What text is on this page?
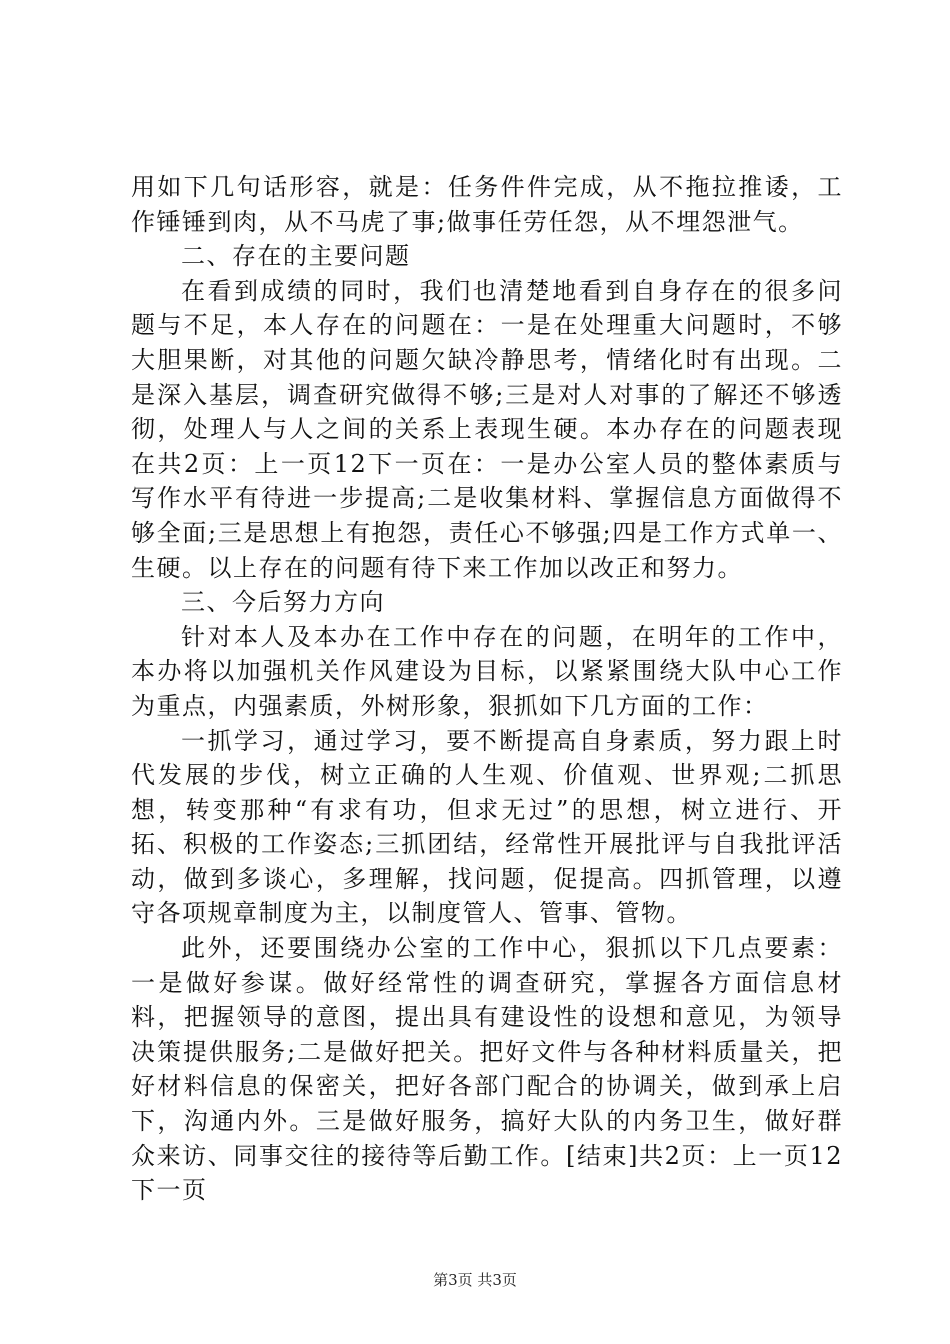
用如下几句话形容，就是：任务件件完成，从不拖拉推诿，工作锤锤到肉，从不马虎了事;做事任劳任怨，从不埋怨泄气。

二、存在的主要问题

在看到成绩的同时，我们也清楚地看到自身存在的很多问题与不足，本人存在的问题在：一是在处理重大问题时，不够大胆果断，对其他的问题欠缺冷静思考，情绪化时有出现。二是深入基层，调查研究做得不够;三是对人对事的了解还不够透彻，处理人与人之间的关系上表现生硬。本办存在的问题表现在共2页：上一页12下一页在：一是办公室人员的整体素质与写作水平有待进一步提高;二是收集材料、掌握信息方面做得不够全面;三是思想上有抱怨，责任心不够强;四是工作方式单一、生硬。以上存在的问题有待下来工作加以改正和努力。

三、今后努力方向

针对本人及本办在工作中存在的问题，在明年的工作中，本办将以加强机关作风建设为目标，以紧紧围绕大队中心工作为重点，内强素质，外树形象，狠抓如下几方面的工作：

一抓学习，通过学习，要不断提高自身素质，努力跟上时代发展的步伐，树立正确的人生观、价值观、世界观;二抓思想，转变那种“有求有功，但求无过”的思想，树立进行、开拓、积极的工作姿态;三抓团结，经常性开展批评与自我批评活动，做到多谈心，多理解，找问题，促提高。四抓管理，以遵守各项规章制度为主，以制度管人、管事、管物。

此外，还要围绕办公室的工作中心，狠抓以下几点要素：一是做好参谋。做好经常性的调查研究，掌握各方面信息材料，把握领导的意图，提出具有建设性的设想和意见，为领导决策提供服务;二是做好把关。把好文件与各种材料质量关，把好材料信息的保密关，把好各部门配合的协调关，做到承上启下，沟通内外。三是做好服务，搞好大队的内务卫生，做好群众来访、同事交往的接待等后勤工作。[结束]共2页：上一页12下一页

第3页 共3页
